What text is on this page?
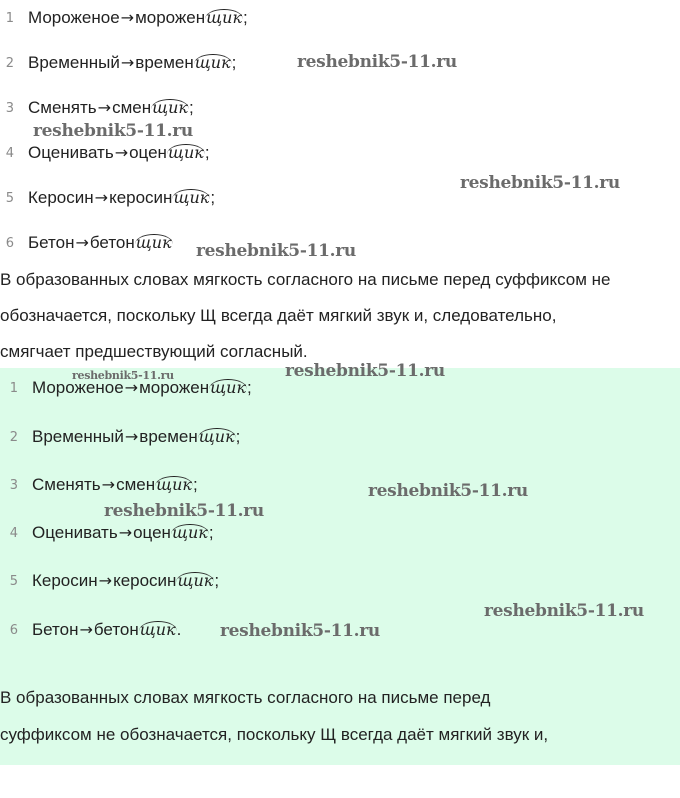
1 Мороженое→мороженщик;
2 Временный→временщик;
3 Сменять→сменщик;
4 Оценивать→оценщик;
5 Керосин→керосинщик;
6 Бетон→бетонщик

В образованных словах мягкость согласного на письме перед суффиксом не

обозначается, поскольку Щ всегда даёт мягкий звук и, следовательно,

смягчает предшествующий согласный.

1 Мороженое→мороженщик;
2 Временный→временщик;
3 Сменять→сменщик;
4 Оценивать→оценщик;
5 Керосин→керосинщик;
6 Бетон→бетонщик.

В образованных словах мягкость согласного на письме перед

суффиксом не обозначается, поскольку Щ всегда даёт мягкий звук и,

reshebnik5-11.ru
reshebnik5-11.ru
reshebnik5-11.ru
reshebnik5-11.ru
reshebnik5-11.ru
reshebnik5-11.ru
reshebnik5-11.ru
reshebnik5-11.ru
reshebnik5-11.ru
reshebnik5-11.ru
